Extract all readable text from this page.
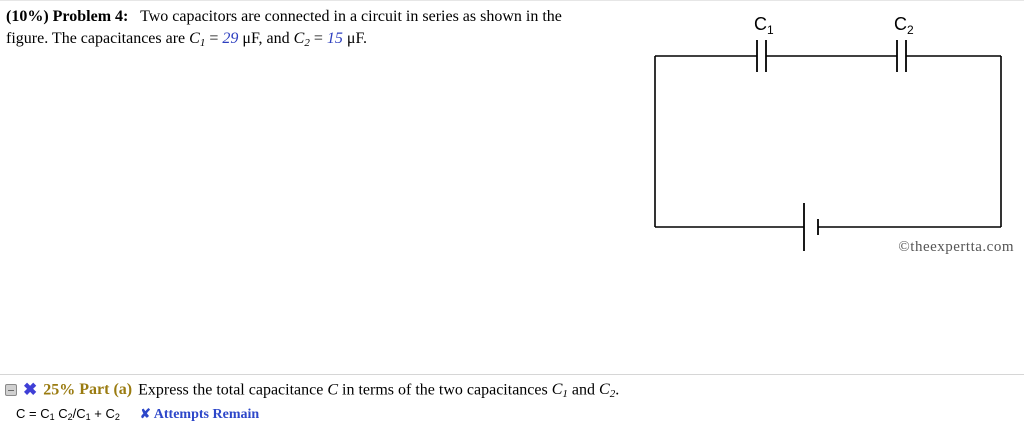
(10%) Problem 4: Two capacitors are connected in a circuit in series as shown in the figure. The capacitances are $C_1 = 29$ μF, and $C_2 = 15$ μF.

$C_1$	$C_2$
©theexpertta.com
✖ 25% Part (a) Express the total capacitance C in terms of the two capacitances $C_1$ and $C_2$.
$C = C_1$ $C_2/C_1 + C_2$ ✘ Attempts Remain
